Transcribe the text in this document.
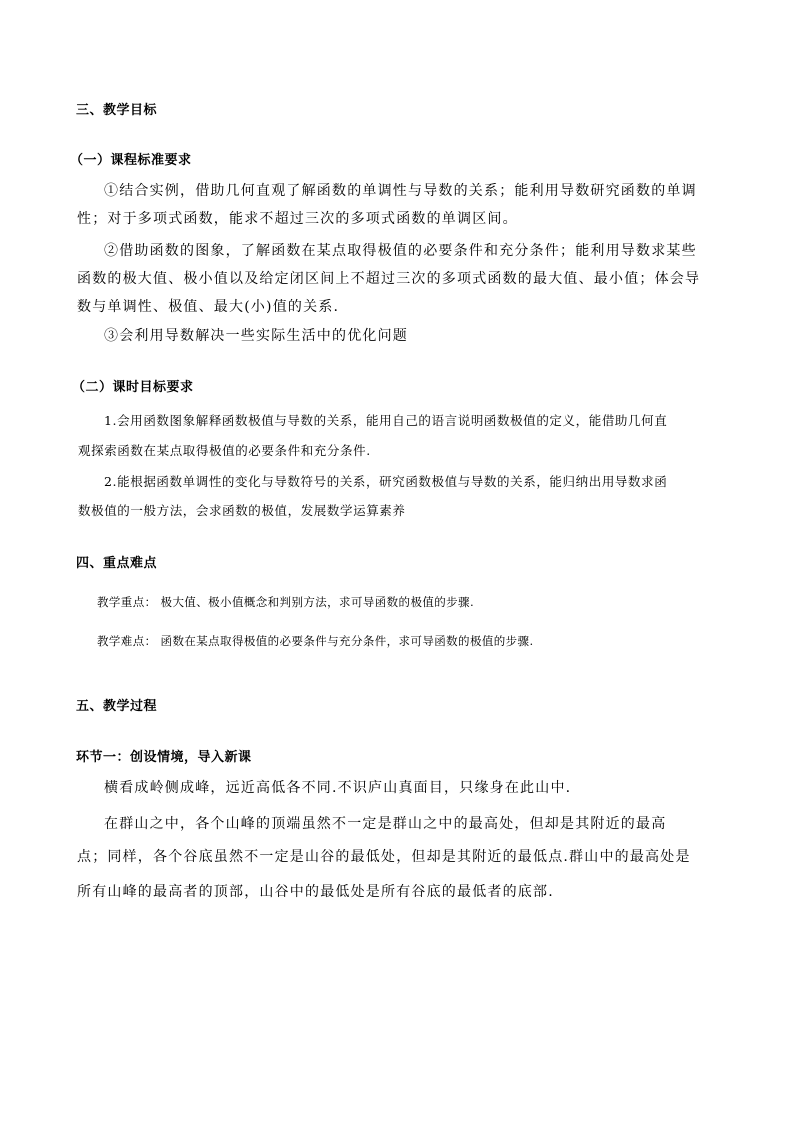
三、教学目标
（一）课程标准要求
①结合实例，借助几何直观了解函数的单调性与导数的关系；能利用导数研究函数的单调
性；对于多项式函数，能求不超过三次的多项式函数的单调区间。
②借助函数的图象，了解函数在某点取得极值的必要条件和充分条件；能利用导数求某些
函数的极大值、极小值以及给定闭区间上不超过三次的多项式函数的最大值、最小值；体会导
数与单调性、极值、最大(小)值的关系.
③会利用导数解决一些实际生活中的优化问题
（二）课时目标要求
1.会用函数图象解释函数极值与导数的关系，能用自己的语言说明函数极值的定义，能借助几何直
观探索函数在某点取得极值的必要条件和充分条件.
2.能根据函数单调性的变化与导数符号的关系，研究函数极值与导数的关系，能归纳出用导数求函
数极值的一般方法，会求函数的极值，发展数学运算素养
四、重点难点
教学重点： 极大值、极小值概念和判别方法，求可导函数的极值的步骤.
教学难点： 函数在某点取得极值的必要条件与充分条件，求可导函数的极值的步骤.
五、教学过程
环节一：创设情境，导入新课
横看成岭侧成峰，远近高低各不同.不识庐山真面目，只缘身在此山中.
在群山之中，各个山峰的顶端虽然不一定是群山之中的最高处，但却是其附近的最高
点；同样，各个谷底虽然不一定是山谷的最低处，但却是其附近的最低点.群山中的最高处是
所有山峰的最高者的顶部，山谷中的最低处是所有谷底的最低者的底部.
